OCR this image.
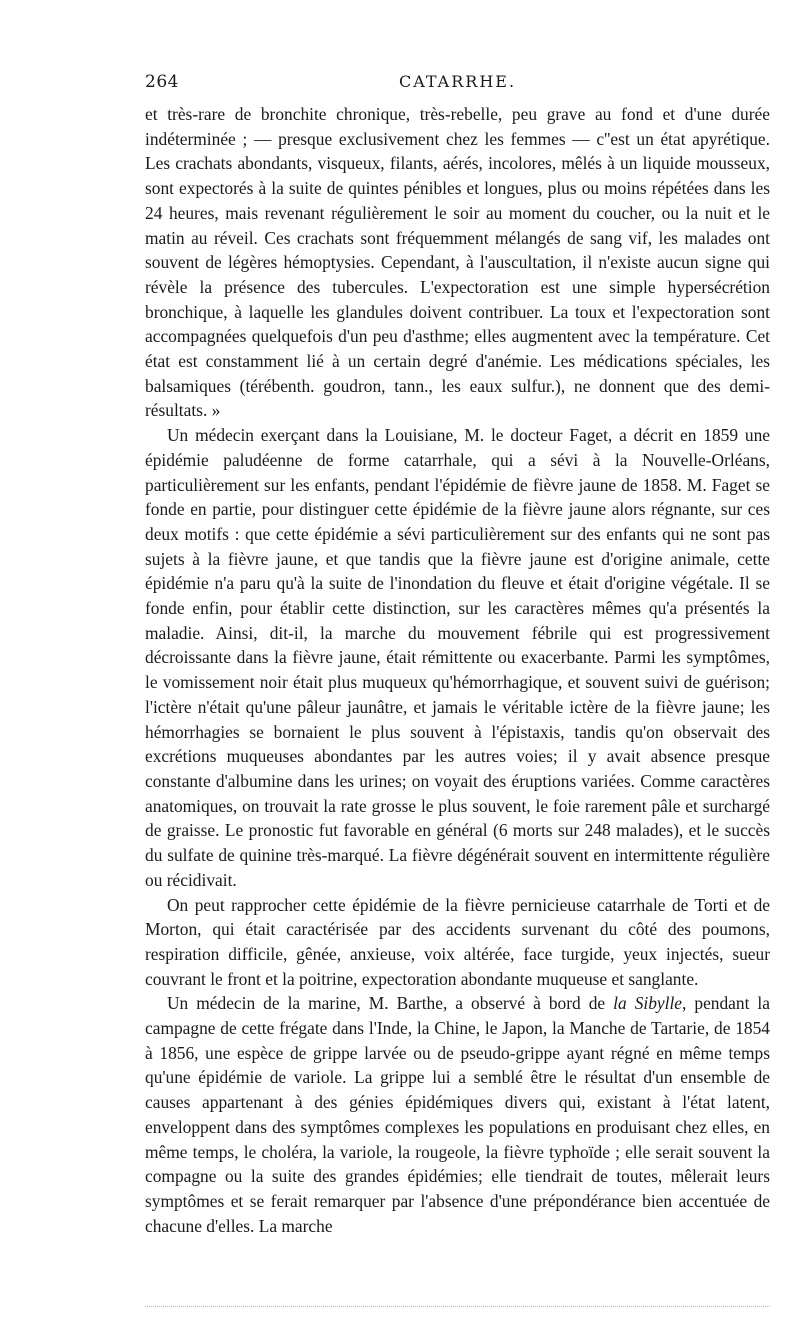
264	CATARRHE.

et très-rare de bronchite chronique, très-rebelle, peu grave au fond et d'une durée indéterminée ; — presque exclusivement chez les femmes — c''est un état apyrétique. Les crachats abondants, visqueux, filants, aérés, incolores, mêlés à un liquide mousseux, sont expectorés à la suite de quintes pénibles et longues, plus ou moins répétées dans les 24 heures, mais revenant régulièrement le soir au moment du coucher, ou la nuit et le matin au réveil. Ces crachats sont fréquemment mélangés de sang vif, les malades ont souvent de légères hémoptysies. Cependant, à l'auscultation, il n'existe aucun signe qui révèle la présence des tubercules. L'expectoration est une simple hypersécrétion bronchique, à laquelle les glandules doivent contribuer. La toux et l'expectoration sont accompagnées quelquefois d'un peu d'asthme; elles augmentent avec la température. Cet état est constamment lié à un certain degré d'anémie. Les médications spéciales, les balsamiques (térébenth. goudron, tann., les eaux sulfur.), ne donnent que des demi-résultats. »

Un médecin exerçant dans la Louisiane, M. le docteur Faget, a décrit en 1859 une épidémie paludéenne de forme catarrhale, qui a sévi à la Nouvelle-Orléans, particulièrement sur les enfants, pendant l'épidémie de fièvre jaune de 1858. M. Faget se fonde en partie, pour distinguer cette épidémie de la fièvre jaune alors régnante, sur ces deux motifs : que cette épidémie a sévi particulièrement sur des enfants qui ne sont pas sujets à la fièvre jaune, et que tandis que la fièvre jaune est d'origine animale, cette épidémie n'a paru qu'à la suite de l'inondation du fleuve et était d'origine végétale. Il se fonde enfin, pour établir cette distinction, sur les caractères mêmes qu'a présentés la maladie. Ainsi, dit-il, la marche du mouvement fébrile qui est progressivement décroissante dans la fièvre jaune, était rémittente ou exacerbante. Parmi les symptômes, le vomissement noir était plus muqueux qu'hémorrhagique, et souvent suivi de guérison; l'ictère n'était qu'une pâleur jaunâtre, et jamais le véritable ictère de la fièvre jaune; les hémorrhagies se bornaient le plus souvent à l'épistaxis, tandis qu'on observait des excrétions muqueuses abondantes par les autres voies; il y avait absence presque constante d'albumine dans les urines; on voyait des éruptions variées. Comme caractères anatomiques, on trouvait la rate grosse le plus souvent, le foie rarement pâle et surchargé de graisse. Le pronostic fut favorable en général (6 morts sur 248 malades), et le succès du sulfate de quinine très-marqué. La fièvre dégénérait souvent en intermittente régulière ou récidivait.

On peut rapprocher cette épidémie de la fièvre pernicieuse catarrhale de Torti et de Morton, qui était caractérisée par des accidents survenant du côté des poumons, respiration difficile, gênée, anxieuse, voix altérée, face turgide, yeux injectés, sueur couvrant le front et la poitrine, expectoration abondante muqueuse et sanglante.

Un médecin de la marine, M. Barthe, a observé à bord de la Sibylle, pendant la campagne de cette frégate dans l'Inde, la Chine, le Japon, la Manche de Tartarie, de 1854 à 1856, une espèce de grippe larvée ou de pseudo-grippe ayant régné en même temps qu'une épidémie de variole. La grippe lui a semblé être le résultat d'un ensemble de causes appartenant à des génies épidémiques divers qui, existant à l'état latent, enveloppent dans des symptômes complexes les populations en produisant chez elles, en même temps, le choléra, la variole, la rougeole, la fièvre typhoïde ; elle serait souvent la compagne ou la suite des grandes épidémies; elle tiendrait de toutes, mêlerait leurs symptômes et se ferait remarquer par l'absence d'une prépondérance bien accentuée de chacune d'elles. La marche
